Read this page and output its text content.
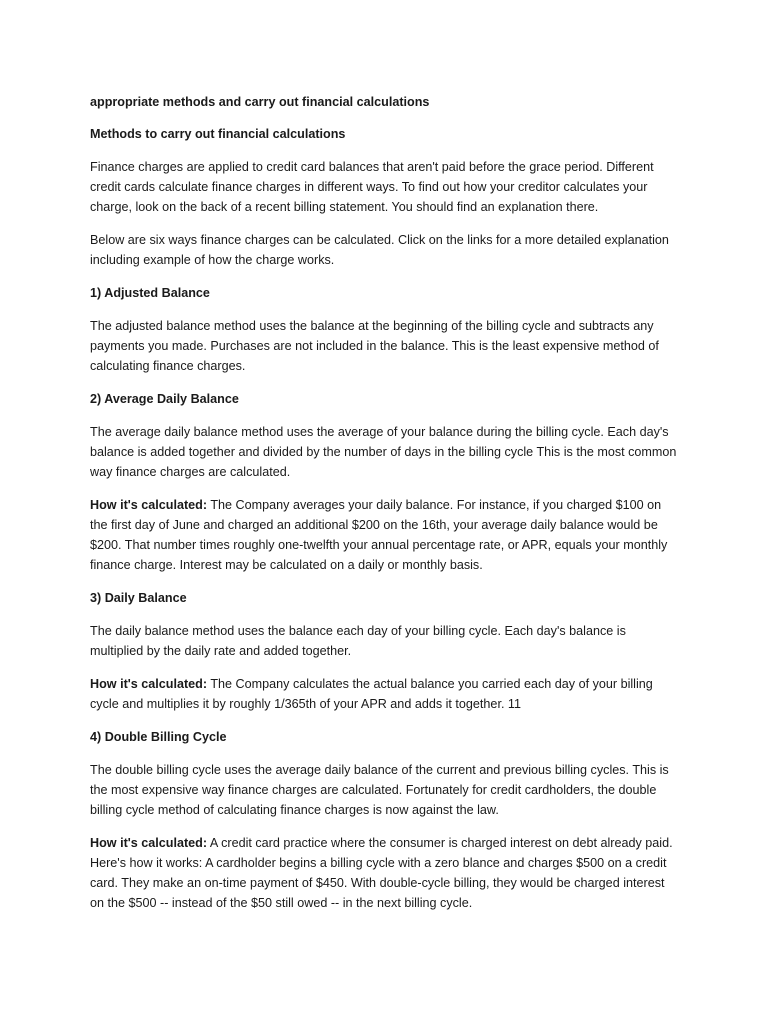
appropriate methods and carry out financial calculations

Methods to carry out financial calculations

Finance charges are applied to credit card balances that aren't paid before the grace period. Different credit cards calculate finance charges in different ways. To find out how your creditor calculates your charge, look on the back of a recent billing statement. You should find an explanation there.

Below are six ways finance charges can be calculated. Click on the links for a more detailed explanation including example of how the charge works.

1) Adjusted Balance

The adjusted balance method uses the balance at the beginning of the billing cycle and subtracts any payments you made. Purchases are not included in the balance. This is the least expensive method of calculating finance charges.

2) Average Daily Balance

The average daily balance method uses the average of your balance during the billing cycle. Each day's balance is added together and divided by the number of days in the billing cycle This is the most common way finance charges are calculated.

How it's calculated: The Company averages your daily balance. For instance, if you charged $100 on the first day of June and charged an additional $200 on the 16th, your average daily balance would be $200. That number times roughly one-twelfth your annual percentage rate, or APR, equals your monthly finance charge. Interest may be calculated on a daily or monthly basis.

3) Daily Balance

The daily balance method uses the balance each day of your billing cycle. Each day's balance is multiplied by the daily rate and added together.

How it's calculated: The Company calculates the actual balance you carried each day of your billing cycle and multiplies it by roughly 1/365th of your APR and adds it together. 11

4) Double Billing Cycle

The double billing cycle uses the average daily balance of the current and previous billing cycles. This is the most expensive way finance charges are calculated. Fortunately for credit cardholders, the double billing cycle method of calculating finance charges is now against the law.

How it's calculated: A credit card practice where the consumer is charged interest on debt already paid. Here's how it works: A cardholder begins a billing cycle with a zero blance and charges $500 on a credit card. They make an on-time payment of $450. With double-cycle billing, they would be charged interest on the $500 -- instead of the $50 still owed -- in the next billing cycle.
